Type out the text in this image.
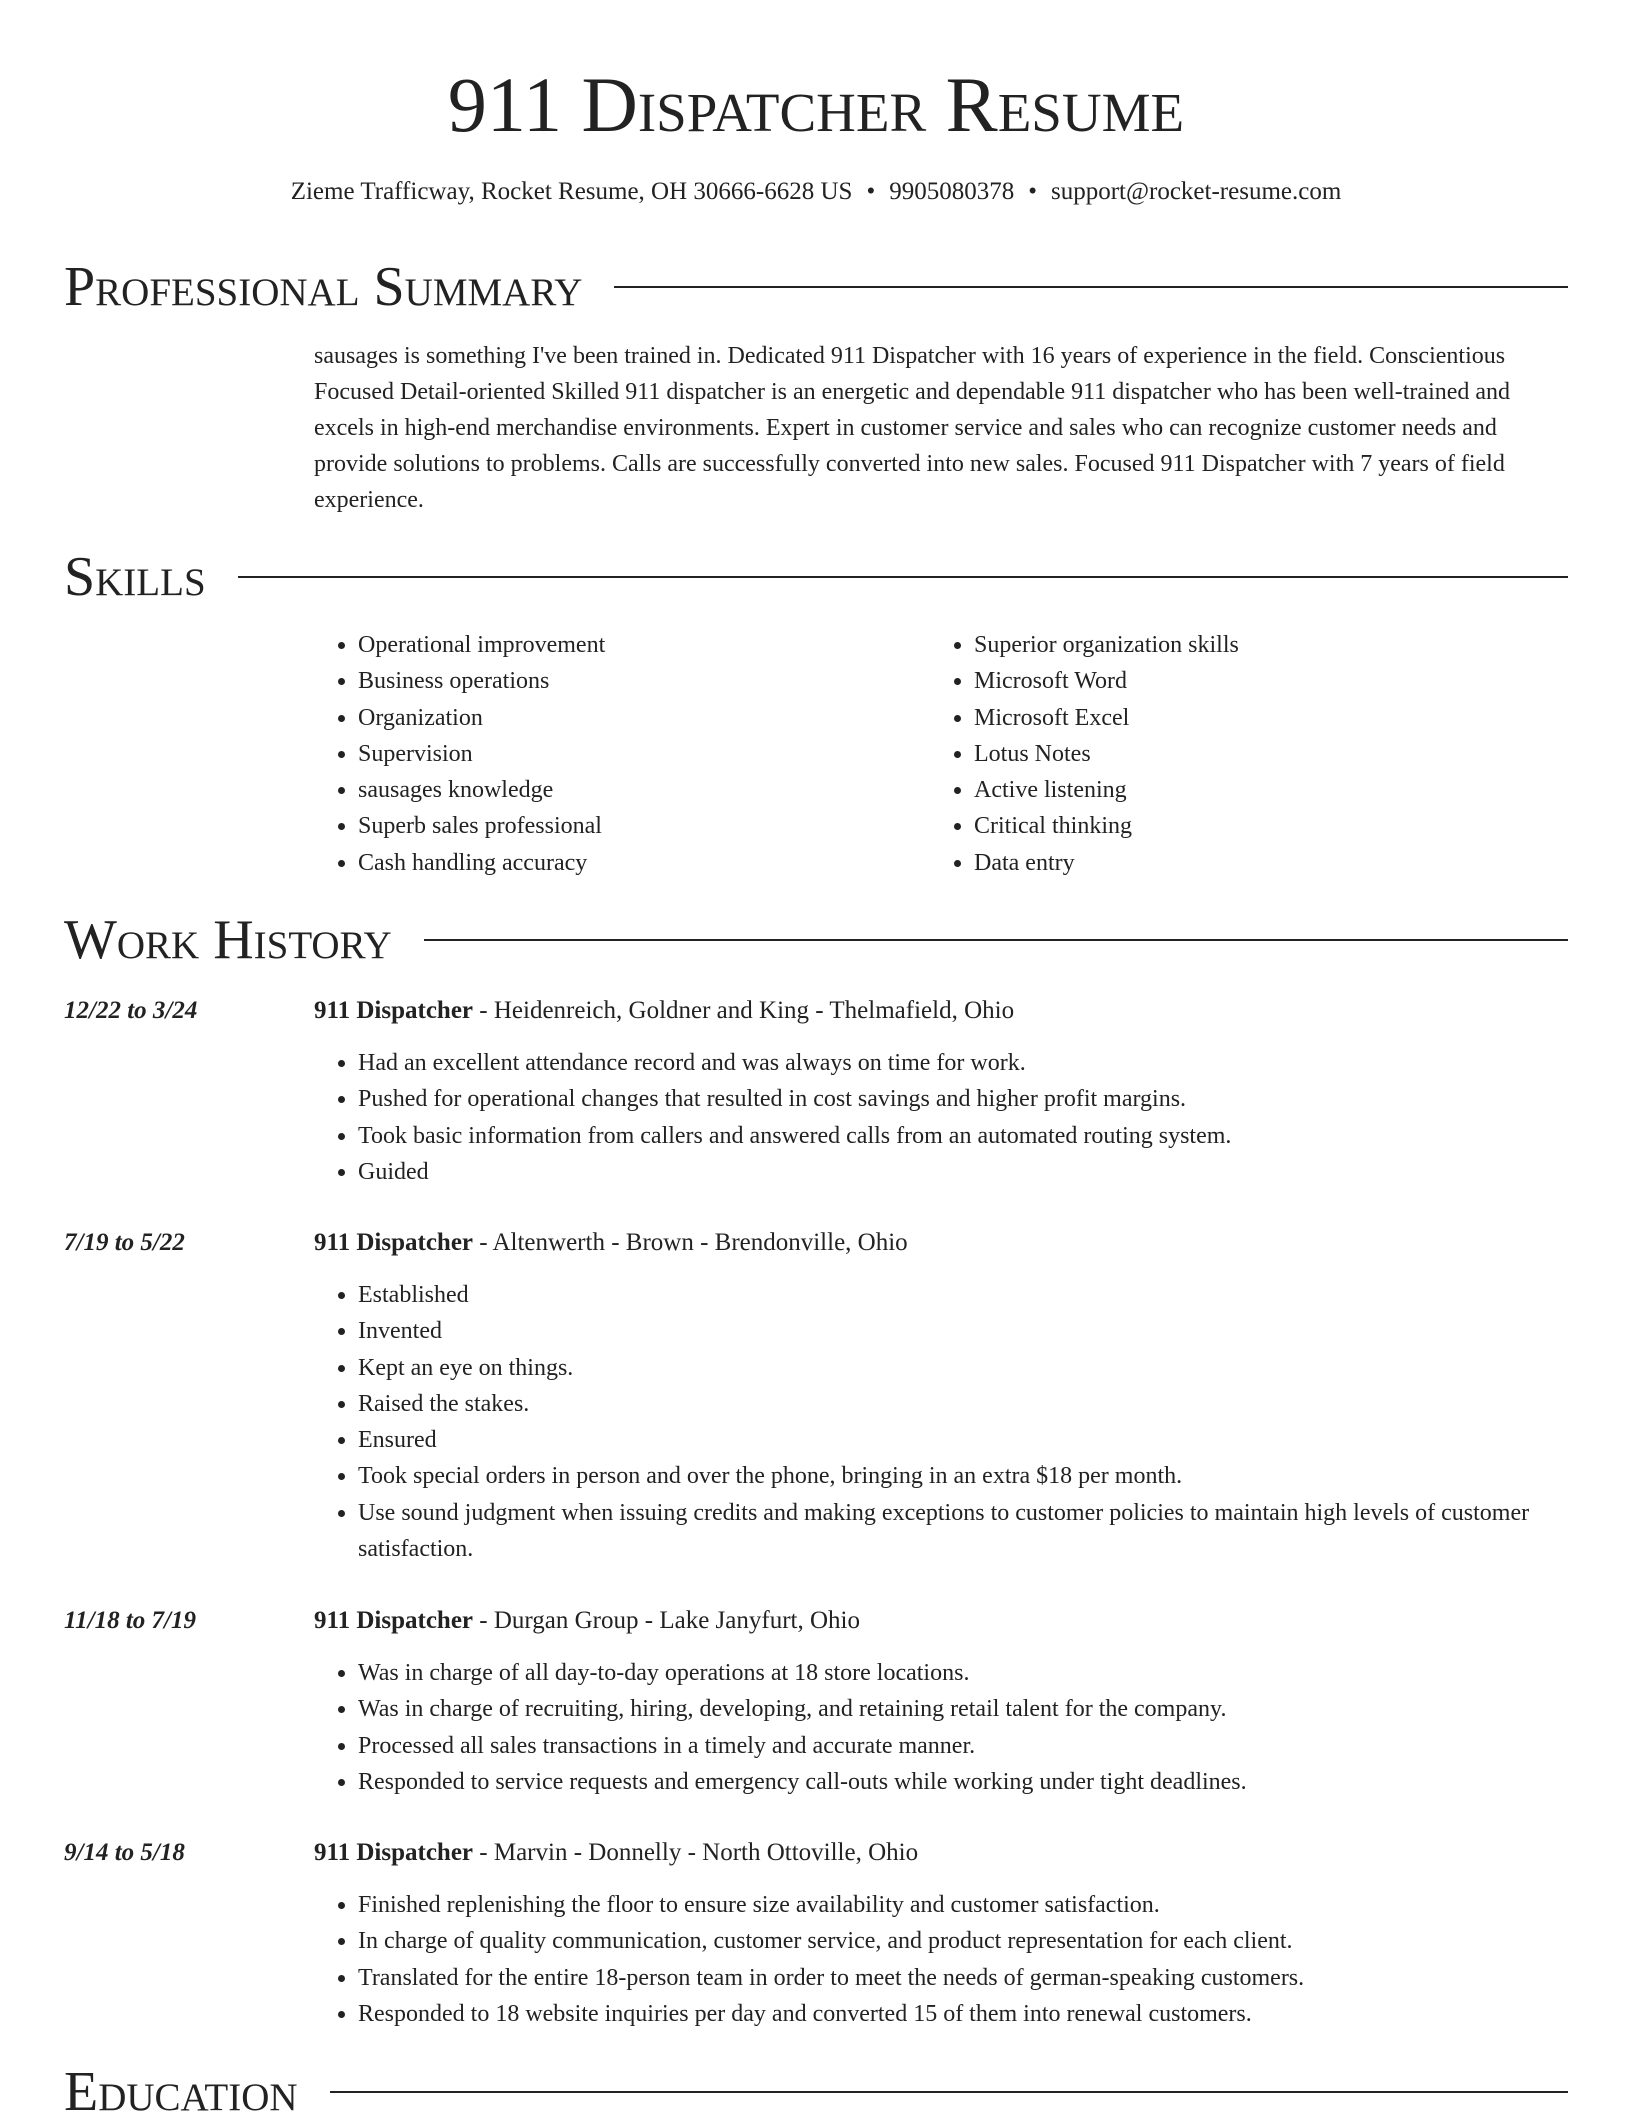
911 Dispatcher Resume
Zieme Trafficway, Rocket Resume, OH 30666-6628 US • 9905080378 • support@rocket-resume.com
Professional Summary

sausages is something I've been trained in. Dedicated 911 Dispatcher with 16 years of experience in the field. Conscientious Focused Detail-oriented Skilled 911 dispatcher is an energetic and dependable 911 dispatcher who has been well-trained and excels in high-end merchandise environments. Expert in customer service and sales who can recognize customer needs and provide solutions to problems. Calls are successfully converted into new sales. Focused 911 Dispatcher with 7 years of field experience.

Skills
• Operational improvement
• Business operations
• Organization
• Supervision
• sausages knowledge
• Superb sales professional
• Cash handling accuracy
• Superior organization skills
• Microsoft Word
• Microsoft Excel
• Lotus Notes
• Active listening
• Critical thinking
• Data entry
Work History
12/22 to 3/24	911 Dispatcher - Heidenreich, Goldner and King - Thelmafield, Ohio
• Had an excellent attendance record and was always on time for work.
• Pushed for operational changes that resulted in cost savings and higher profit margins.
• Took basic information from callers and answered calls from an automated routing system.
• Guided
7/19 to 5/22	911 Dispatcher - Altenwerth - Brown - Brendonville, Ohio
• Established
• Invented
• Kept an eye on things.
• Raised the stakes.
• Ensured
• Took special orders in person and over the phone, bringing in an extra $18 per month.
• Use sound judgment when issuing credits and making exceptions to customer policies to maintain high levels of customer satisfaction.
11/18 to 7/19	911 Dispatcher - Durgan Group - Lake Janyfurt, Ohio
• Was in charge of all day-to-day operations at 18 store locations.
• Was in charge of recruiting, hiring, developing, and retaining retail talent for the company.
• Processed all sales transactions in a timely and accurate manner.
• Responded to service requests and emergency call-outs while working under tight deadlines.
9/14 to 5/18	911 Dispatcher - Marvin - Donnelly - North Ottoville, Ohio
• Finished replenishing the floor to ensure size availability and customer satisfaction.
• In charge of quality communication, customer service, and product representation for each client.
• Translated for the entire 18-person team in order to meet the needs of german-speaking customers.
• Responded to 18 website inquiries per day and converted 15 of them into renewal customers.
Education
